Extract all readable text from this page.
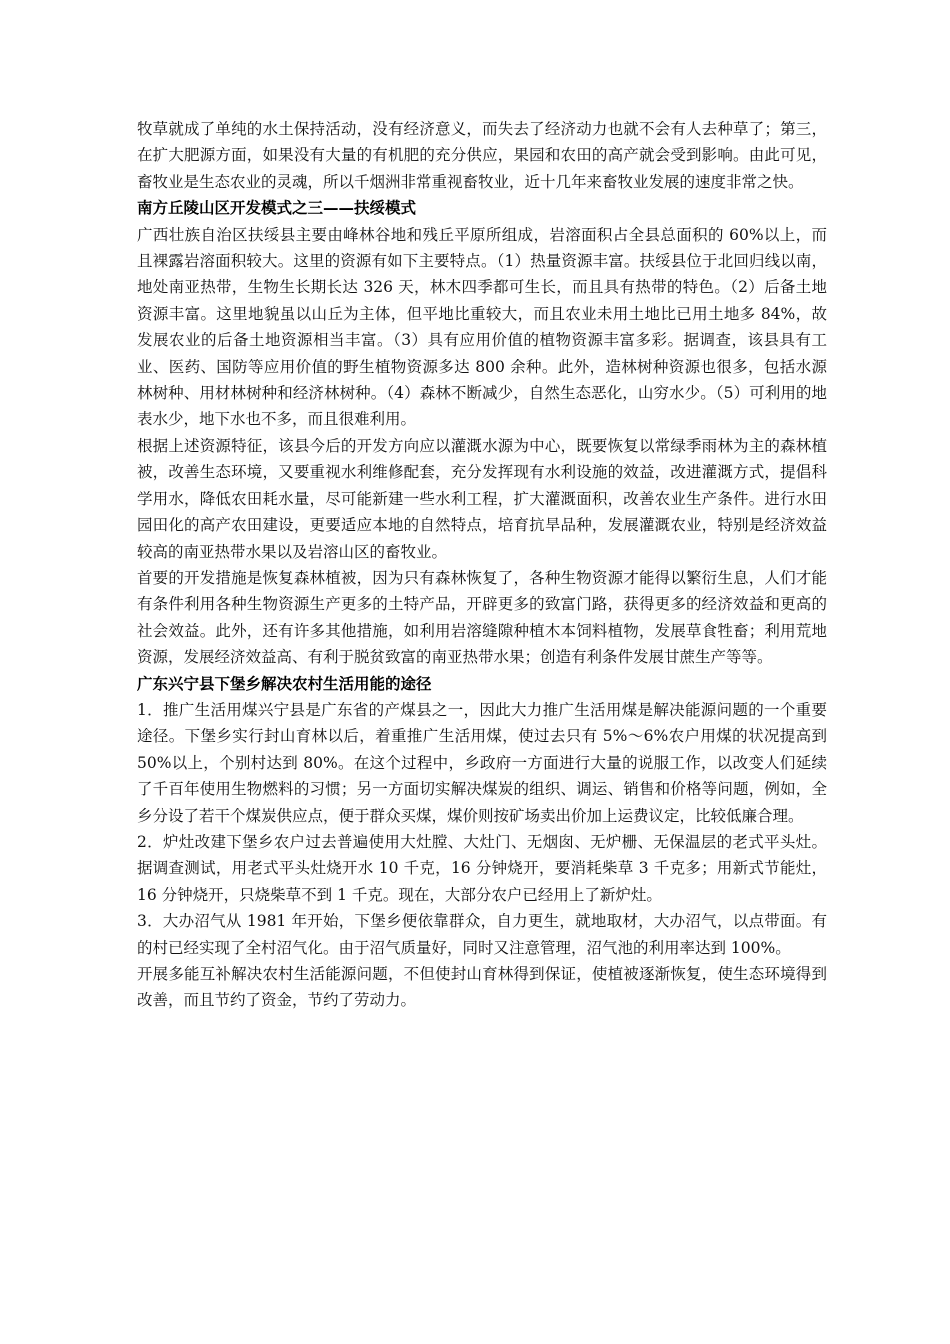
牧草就成了单纯的水土保持活动，没有经济意义，而失去了经济动力也就不会有人去种草了；第三，在扩大肥源方面，如果没有大量的有机肥的充分供应，果园和农田的高产就会受到影响。由此可见，畜牧业是生态农业的灵魂，所以千烟洲非常重视畜牧业，近十几年来畜牧业发展的速度非常之快。

南方丘陵山区开发模式之三——扶绥模式

广西壮族自治区扶绥县主要由峰林谷地和残丘平原所组成，岩溶面积占全县总面积的 60%以上，而且裸露岩溶面积较大。这里的资源有如下主要特点。（1）热量资源丰富。扶绥县位于北回归线以南，地处南亚热带，生物生长期长达 326 天，林木四季都可生长，而且具有热带的特色。（2）后备土地资源丰富。这里地貌虽以山丘为主体，但平地比重较大，而且农业未用土地比已用土地多 84%，故发展农业的后备土地资源相当丰富。（3）具有应用价值的植物资源丰富多彩。据调查，该县具有工业、医药、国防等应用价值的野生植物资源多达 800 余种。此外，造林树种资源也很多，包括水源林树种、用材林树种和经济林树种。（4）森林不断减少，自然生态恶化，山穷水少。（5）可利用的地表水少，地下水也不多，而且很难利用。

根据上述资源特征，该县今后的开发方向应以灌溉水源为中心，既要恢复以常绿季雨林为主的森林植被，改善生态环境，又要重视水利维修配套，充分发挥现有水利设施的效益，改进灌溉方式，提倡科学用水，降低农田耗水量，尽可能新建一些水利工程，扩大灌溉面积，改善农业生产条件。进行水田园田化的高产农田建设，更要适应本地的自然特点，培育抗旱品种，发展灌溉农业，特别是经济效益较高的南亚热带水果以及岩溶山区的畜牧业。

首要的开发措施是恢复森林植被，因为只有森林恢复了，各种生物资源才能得以繁衍生息，人们才能有条件利用各种生物资源生产更多的土特产品，开辟更多的致富门路，获得更多的经济效益和更高的社会效益。此外，还有许多其他措施，如利用岩溶缝隙种植木本饲料植物，发展草食牲畜；利用荒地资源，发展经济效益高、有利于脱贫致富的南亚热带水果；创造有利条件发展甘蔗生产等等。

广东兴宁县下堡乡解决农村生活用能的途径

1．推广生活用煤兴宁县是广东省的产煤县之一，因此大力推广生活用煤是解决能源问题的一个重要途径。下堡乡实行封山育林以后，着重推广生活用煤，使过去只有 5%～6%农户用煤的状况提高到 50%以上，个别村达到 80%。在这个过程中，乡政府一方面进行大量的说服工作，以改变人们延续了千百年使用生物燃料的习惯；另一方面切实解决煤炭的组织、调运、销售和价格等问题，例如，全乡分设了若干个煤炭供应点，便于群众买煤，煤价则按矿场卖出价加上运费议定，比较低廉合理。

2．炉灶改建下堡乡农户过去普遍使用大灶膛、大灶门、无烟囱、无炉栅、无保温层的老式平头灶。据调查测试，用老式平头灶烧开水 10 千克，16 分钟烧开，要消耗柴草 3 千克多；用新式节能灶，16 分钟烧开，只烧柴草不到 1 千克。现在，大部分农户已经用上了新炉灶。

3．大办沼气从 1981 年开始，下堡乡便依靠群众，自力更生，就地取材，大办沼气，以点带面。有的村已经实现了全村沼气化。由于沼气质量好，同时又注意管理，沼气池的利用率达到 100%。

开展多能互补解决农村生活能源问题，不但使封山育林得到保证，使植被逐渐恢复，使生态环境得到改善，而且节约了资金，节约了劳动力。
